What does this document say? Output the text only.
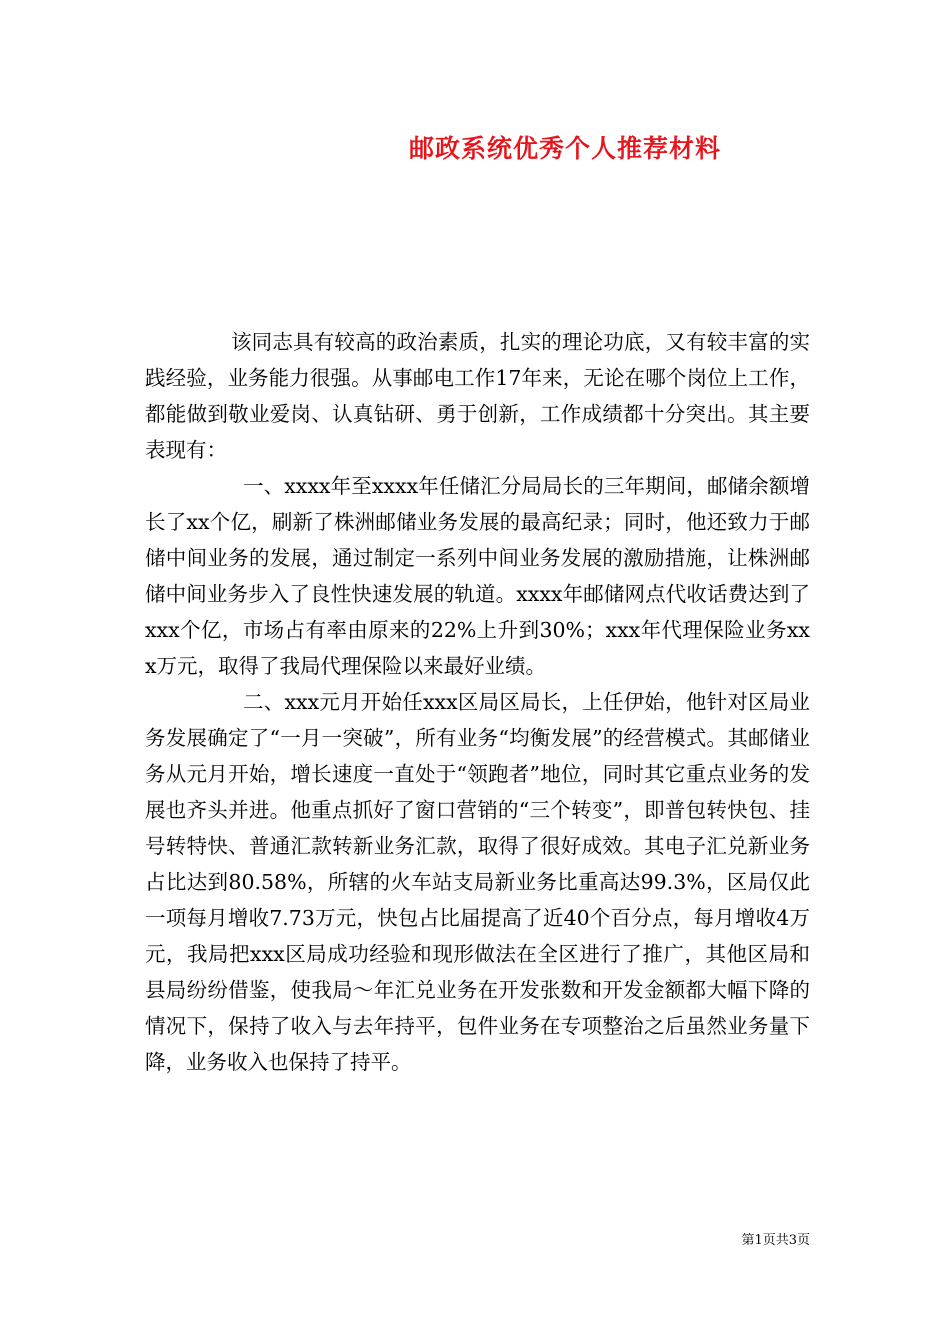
邮政系统优秀个人推荐材料

该同志具有较高的政治素质，扎实的理论功底，又有较丰富的实践经验，业务能力很强。从事邮电工作17年来，无论在哪个岗位上工作，都能做到敬业爱岗、认真钻研、勇于创新，工作成绩都十分突出。其主要表现有：

一、xxxx年至xxxx年任储汇分局局长的三年期间，邮储余额增长了xx个亿，刷新了株洲邮储业务发展的最高纪录；同时，他还致力于邮储中间业务的发展，通过制定一系列中间业务发展的激励措施，让株洲邮储中间业务步入了良性快速发展的轨道。xxxx年邮储网点代收话费达到了xxx个亿，市场占有率由原来的22%上升到30%；xxx年代理保险业务xxx万元，取得了我局代理保险以来最好业绩。

二、xxx元月开始任xxx区局区局长，上任伊始，他针对区局业务发展确定了“一月一突破”，所有业务“均衡发展”的经营模式。其邮储业务从元月开始，增长速度一直处于“领跑者”地位，同时其它重点业务的发展也齐头并进。他重点抓好了窗口营销的“三个转变”，即普包转快包、挂号转特快、普通汇款转新业务汇款，取得了很好成效。其电子汇兑新业务占比达到80.58%，所辖的火车站支局新业务比重高达99.3%，区局仅此一项每月增收7.73万元，快包占比届提高了近40个百分点，每月增收4万元，我局把xxx区局成功经验和现形做法在全区进行了推广，其他区局和县局纷纷借鉴，使我局～年汇兑业务在开发张数和开发金额都大幅下降的情况下，保持了收入与去年持平，包件业务在专项整治之后虽然业务量下降，业务收入也保持了持平。

第1页共3页
